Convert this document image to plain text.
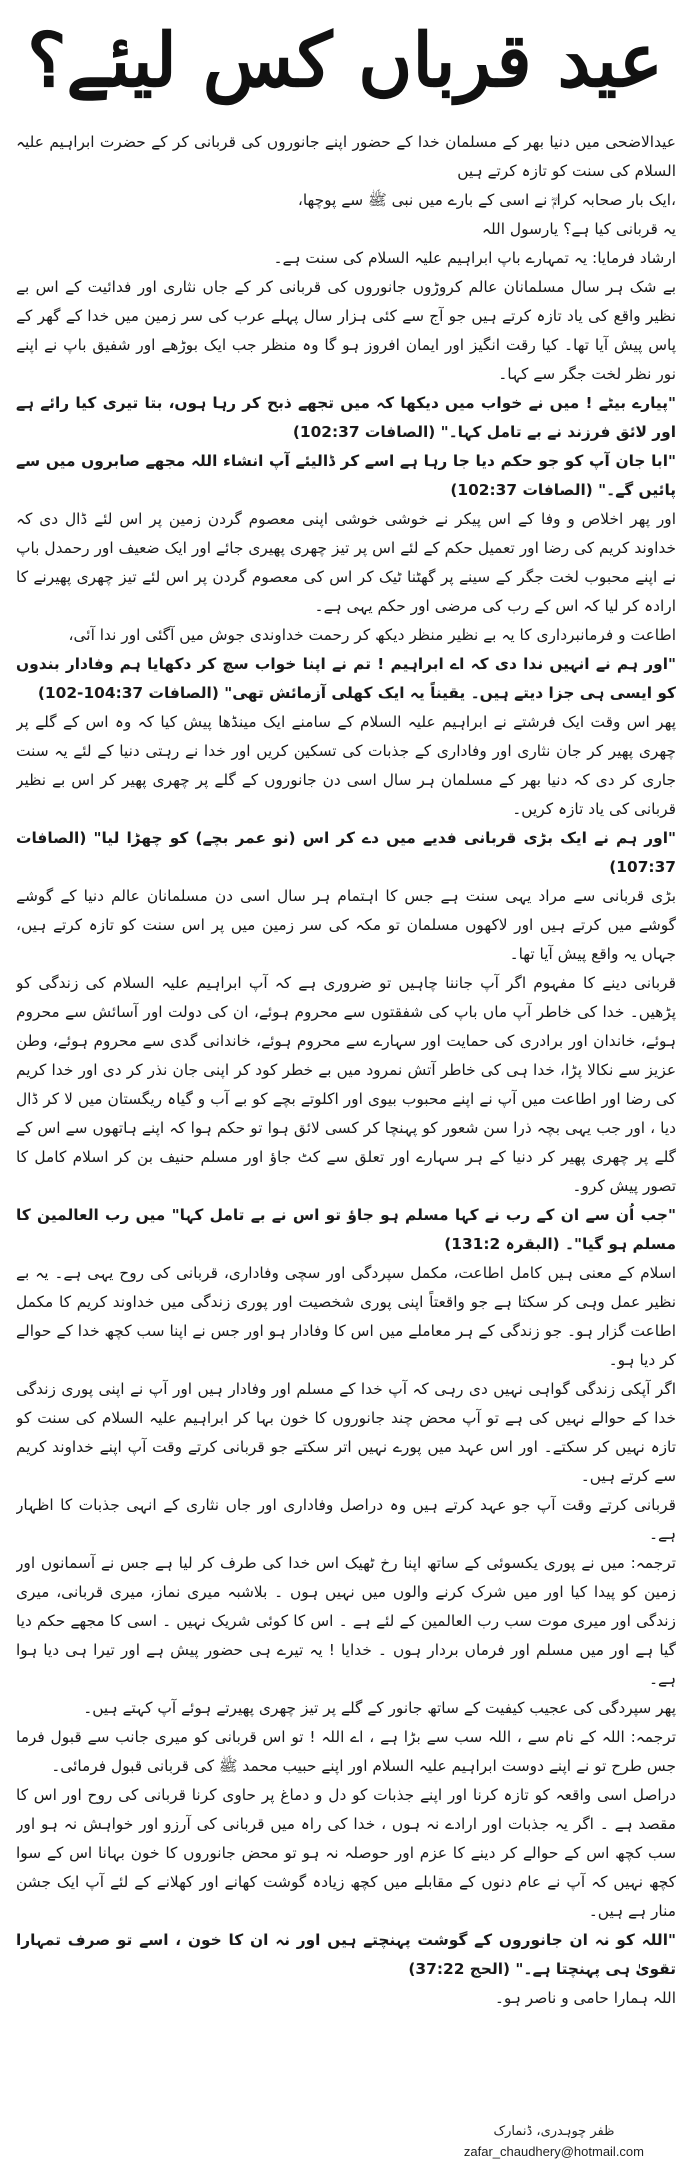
عید قرباں کس لیئے؟

عیدالاضحی میں دنیا بھر کے مسلمان خدا کے حضور اپنے جانوروں کی قربانی کر کے حضرت ابراہیم علیہ السلام کی سنت کو تازہ کرتے ہیں

،ایک بار صحابہ کرامؓ نے اسی کے بارے میں نبی ﷺ سے پوچھا،

یہ قربانی کیا ہے؟ یارسول اللہ

ارشاد فرمایا: یہ تمہارے باپ ابراہیم علیہ السلام کی سنت ہے۔

بے شک ہر سال مسلمانان عالم کروڑوں جانوروں کی قربانی کر کے جاں نثاری اور فدائیت کے اس بے نظیر واقع کی یاد تازہ کرتے ہیں جو آج سے کئی ہزار سال پہلے عرب کی سر زمین میں خدا کے گھر کے پاس پیش آیا تھا۔ کیا رقت انگیز اور ایمان افروز ہو گا وہ منظر جب ایک بوڑھے اور شفیق باپ نے اپنے نور نظر لخت جگر سے کہا۔

"پیارے بیٹے ! میں نے خواب میں دیکھا کہ میں تجھے ذبح کر رہا ہوں، بتا تیری کیا رائے ہے اور لائق فرزند نے بے تامل کہا۔" (الصافات 102:37)

"ابا جان آپ کو جو حکم دیا جا رہا ہے اسے کر ڈالیئے آپ انشاء اللہ مجھے صابروں میں سے پائیں گے۔" (الصافات 102:37)

اور پھر اخلاص و وفا کے اس پیکر نے خوشی خوشی اپنی معصوم گردن زمین پر اس لئے ڈال دی کہ خداوند کریم کی رضا اور تعمیل حکم کے لئے اس پر تیز چھری پھیری جائے اور ایک ضعیف اور رحمدل باپ نے اپنے محبوب لخت جگر کے سینے پر گھٹنا ٹیک کر اس کی معصوم گردن پر اس لئے تیز چھری پھیرنے کا ارادہ کر لیا کہ اس کے رب کی مرضی اور حکم یہی ہے۔

اطاعت و فرمانبرداری کا یہ بے نظیر منظر دیکھ کر رحمت خداوندی جوش میں آگئی اور ندا آئی،

"اور ہم نے انہیں ندا دی کہ اے ابراہیم ! تم نے اپنا خواب سچ کر دکھایا ہم وفادار بندوں کو ایسی ہی جزا دیتے ہیں۔ یقیناً یہ ایک کھلی آزمائش تھی" (الصافات 104:37-102)

پھر اس وقت ایک فرشتے نے ابراہیم علیہ السلام کے سامنے ایک مینڈھا پیش کیا کہ وہ اس کے گلے پر چھری پھیر کر جان نثاری اور وفاداری کے جذبات کی تسکین کریں اور خدا نے رہتی دنیا کے لئے یہ سنت جاری کر دی کہ دنیا بھر کے مسلمان ہر سال اسی دن جانوروں کے گلے پر چھری پھیر کر اس بے نظیر قربانی کی یاد تازہ کریں۔

"اور ہم نے ایک بڑی قربانی فدیے میں دے کر اس (نو عمر بچے) کو چھڑا لیا" (الصافات 107:37)

بڑی قربانی سے مراد یہی سنت ہے جس کا اہتمام ہر سال اسی دن مسلمانان عالم دنیا کے گوشے گوشے میں کرتے ہیں اور لاکھوں مسلمان تو مکہ کی سر زمین میں پر اس سنت کو تازہ کرتے ہیں، جہاں یہ واقع پیش آیا تھا۔

قربانی دینے کا مفہوم اگر آپ جاننا چاہیں تو ضروری ہے کہ آپ ابراہیم علیہ السلام کی زندگی کو پڑھیں۔ خدا کی خاطر آپ ماں باپ کی شفقتوں سے محروم ہوئے، ان کی دولت اور آسائش سے محروم ہوئے، خاندان اور برادری کی حمایت اور سہارے سے محروم ہوئے، خاندانی گدی سے محروم ہوئے، وطن عزیز سے نکالا پڑا، خدا ہی کی خاطر آتش نمرود میں بے خطر کود کر اپنی جان نذر کر دی اور خدا کریم کی رضا اور اطاعت میں آپ نے اپنے محبوب بیوی اور اکلوتے بچے کو بے آب و گیاہ ریگستان میں لا کر ڈال دیا ، اور جب یہی بچہ ذرا سن شعور کو پہنچا کر کسی لائق ہوا تو حکم ہوا کہ اپنے ہاتھوں سے اس کے گلے پر چھری پھیر کر دنیا کے ہر سہارے اور تعلق سے کٹ جاؤ اور مسلم حنیف بن کر اسلام کامل کا تصور پیش کرو۔

"جب اُن سے ان کے رب نے کہا مسلم ہو جاؤ تو اس نے بے تامل کہا" میں رب العالمین کا مسلم ہو گیا"۔ (البقرہ 131:2)

اسلام کے معنی ہیں کامل اطاعت، مکمل سپردگی اور سچی وفاداری، قربانی کی روح یہی ہے۔ یہ بے نظیر عمل وہی کر سکتا ہے جو واقعتاً اپنی پوری شخصیت اور پوری زندگی میں خداوند کریم کا مکمل اطاعت گزار ہو۔ جو زندگی کے ہر معاملے میں اس کا وفادار ہو اور جس نے اپنا سب کچھ خدا کے حوالے کر دیا ہو۔

اگر آپکی زندگی گواہی نہیں دی رہی کہ آپ خدا کے مسلم اور وفادار ہیں اور آپ نے اپنی پوری زندگی خدا کے حوالے نہیں کی ہے تو آپ محض چند جانوروں کا خون بہا کر ابراہیم علیہ السلام کی سنت کو تازہ نہیں کر سکتے۔ اور اس عہد میں پورے نہیں اتر سکتے جو قربانی کرتے وقت آپ اپنے خداوند کریم سے کرتے ہیں۔

قربانی کرتے وقت آپ جو عہد کرتے ہیں وہ دراصل وفاداری اور جاں نثاری کے انہی جذبات کا اظہار ہے۔

ترجمہ: میں نے پوری یکسوئی کے ساتھ اپنا رخ ٹھیک اس خدا کی طرف کر لیا ہے جس نے آسمانوں اور زمین کو پیدا کیا اور میں شرک کرنے والوں میں نہیں ہوں ۔ بلاشبہ میری نماز، میری قربانی، میری زندگی اور میری موت سب رب العالمین کے لئے ہے ۔ اس کا کوئی شریک نہیں ۔ اسی کا مجھے حکم دیا گیا ہے اور میں مسلم اور فرماں بردار ہوں ۔ خدایا ! یہ تیرے ہی حضور پیش ہے اور تیرا ہی دیا ہوا ہے۔

پھر سپردگی کی عجیب کیفیت کے ساتھ جانور کے گلے پر تیز چھری پھیرتے ہوئے آپ کہتے ہیں۔

ترجمہ: اللہ کے نام سے ، اللہ سب سے بڑا ہے ، اے اللہ ! تو اس قربانی کو میری جانب سے قبول فرما جس طرح تو نے اپنے دوست ابراہیم علیہ السلام اور اپنے حبیب محمد ﷺ کی قربانی قبول فرمائی۔

دراصل اسی واقعہ کو تازہ کرنا اور اپنے جذبات کو دل و دماغ پر حاوی کرنا قربانی کی روح اور اس کا مقصد ہے ۔ اگر یہ جذبات اور ارادے نہ ہوں ، خدا کی راہ میں قربانی کی آرزو اور خواہش نہ ہو اور سب کچھ اس کے حوالے کر دینے کا عزم اور حوصلہ نہ ہو تو محض جانوروں کا خون بہانا اس کے سوا کچھ نہیں کہ آپ نے عام دنوں کے مقابلے میں کچھ زیادہ گوشت کھانے اور کھلانے کے لئے آپ ایک جشن منار ہے ہیں۔

"اللہ کو نہ ان جانوروں کے گوشت پہنچتے ہیں اور نہ ان کا خون ، اسے تو صرف تمہارا تقویٰ ہی پہنچتا ہے۔" (الحج 37:22)

اللہ ہمارا حامی و ناصر ہو۔

ظفر چوہدری، ڈنمارک
zafar_chaudhery@hotmail.com
